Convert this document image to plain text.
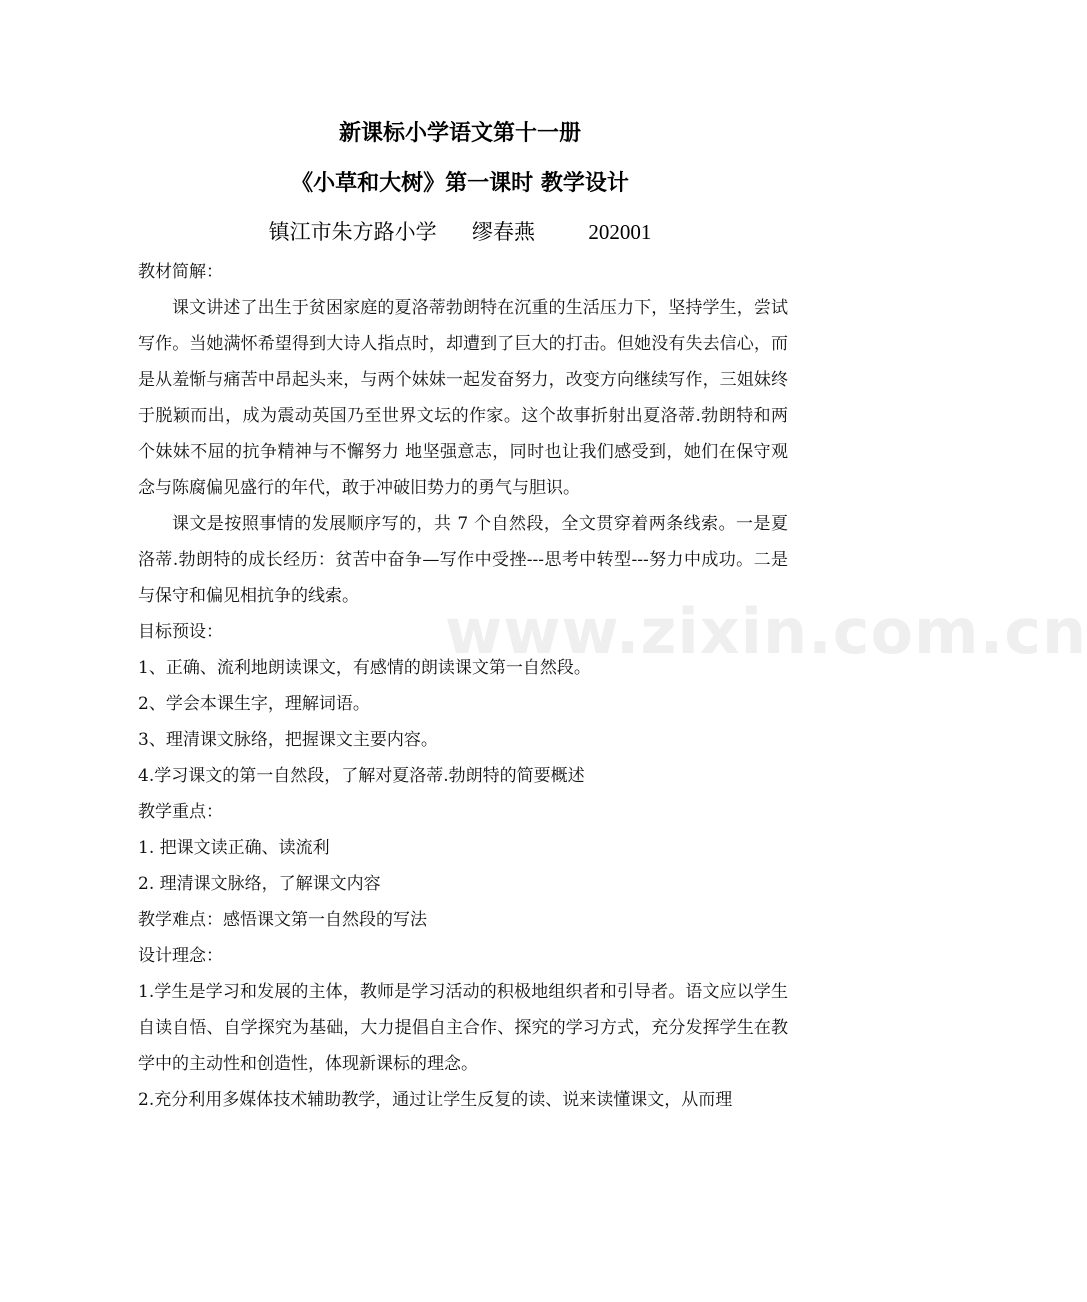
新课标小学语文第十一册
《小草和大树》第一课时 教学设计
镇江市朱方路小学 缪春燕	202001

教材简解：

课文讲述了出生于贫困家庭的夏洛蒂勃朗特在沉重的生活压力下，坚持学生，尝试写作。当她满怀希望得到大诗人指点时，却遭到了巨大的打击。但她没有失去信心，而是从羞惭与痛苦中昂起头来，与两个妹妹一起发奋努力，改变方向继续写作，三姐妹终于脱颖而出，成为震动英国乃至世界文坛的作家。这个故事折射出夏洛蒂.勃朗特和两个妹妹不屈的抗争精神与不懈努力 地坚强意志，同时也让我们感受到，她们在保守观念与陈腐偏见盛行的年代，敢于冲破旧势力的勇气与胆识。

课文是按照事情的发展顺序写的，共 7 个自然段，全文贯穿着两条线索。一是夏洛蒂.勃朗特的成长经历：贫苦中奋争—写作中受挫---思考中转型---努力中成功。二是与保守和偏见相抗争的线索。

目标预设：

1、正确、流利地朗读课文，有感情的朗读课文第一自然段。

2、学会本课生字，理解词语。

3、理清课文脉络，把握课文主要内容。

4.学习课文的第一自然段，了解对夏洛蒂.勃朗特的简要概述

教学重点：

1. 把课文读正确、读流利

2. 理清课文脉络，了解课文内容

教学难点：感悟课文第一自然段的写法

设计理念：

1.学生是学习和发展的主体，教师是学习活动的积极地组织者和引导者。语文应以学生自读自悟、自学探究为基础，大力提倡自主合作、探究的学习方式，充分发挥学生在教学中的主动性和创造性，体现新课标的理念。

2.充分利用多媒体技术辅助教学，通过让学生反复的读、说来读懂课文，从而理

www.zixin.com.cn
